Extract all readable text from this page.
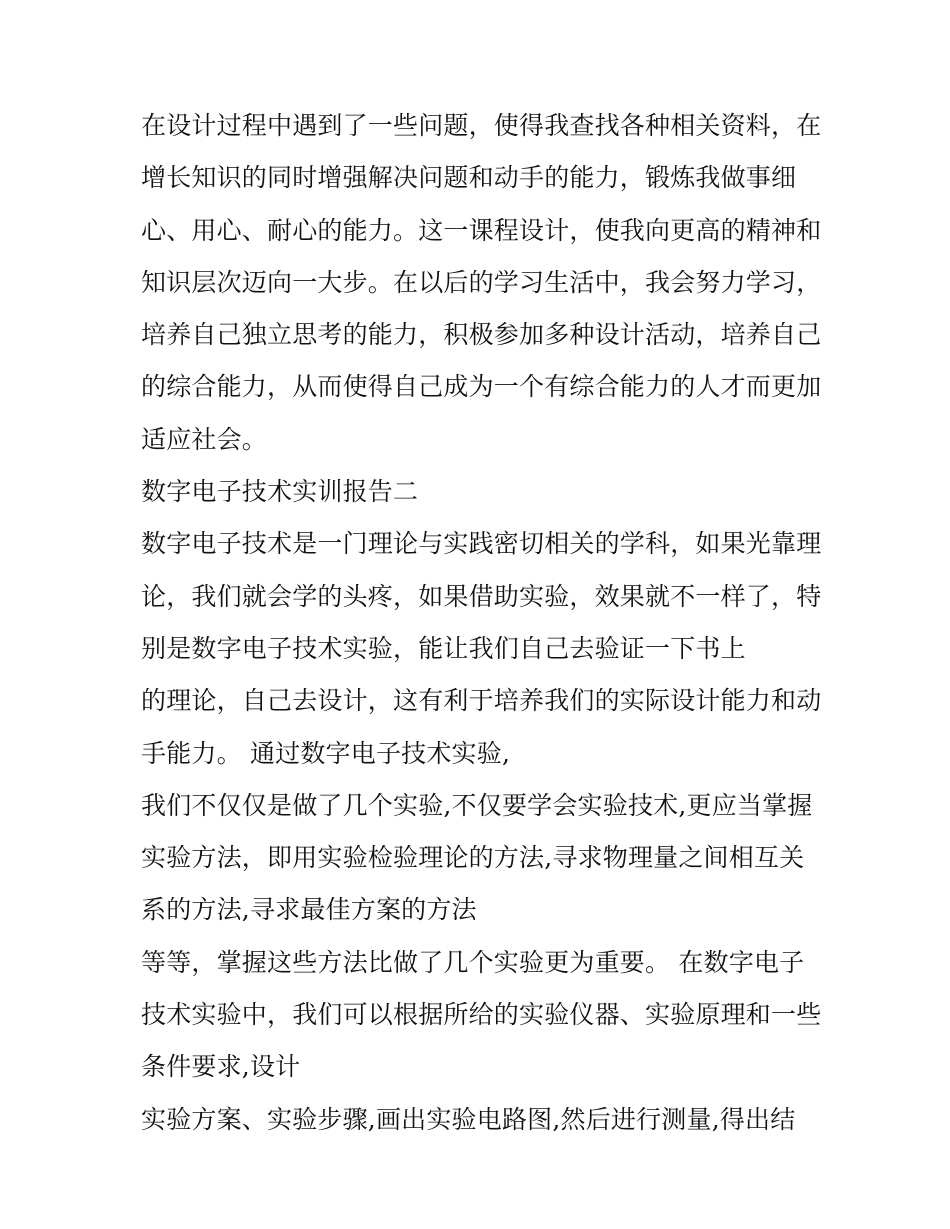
在设计过程中遇到了一些问题，使得我查找各种相关资料，在
增长知识的同时增强解决问题和动手的能力，锻炼我做事细
心、用心、耐心的能力。这一课程设计，使我向更高的精神和
知识层次迈向一大步。在以后的学习生活中，我会努力学习，
培养自己独立思考的能力，积极参加多种设计活动，培养自己
的综合能力，从而使得自己成为一个有综合能力的人才而更加
适应社会。
数字电子技术实训报告二
数字电子技术是一门理论与实践密切相关的学科，如果光靠理
论，我们就会学的头疼，如果借助实验，效果就不一样了，特
别是数字电子技术实验，能让我们自己去验证一下书上
的理论，自己去设计，这有利于培养我们的实际设计能力和动
手能力。 通过数字电子技术实验,
我们不仅仅是做了几个实验,不仅要学会实验技术,更应当掌握
实验方法，即用实验检验理论的方法,寻求物理量之间相互关
系的方法,寻求最佳方案的方法
等等，掌握这些方法比做了几个实验更为重要。 在数字电子
技术实验中，我们可以根据所给的实验仪器、实验原理和一些
条件要求,设计
实验方案、实验步骤,画出实验电路图,然后进行测量,得出结
